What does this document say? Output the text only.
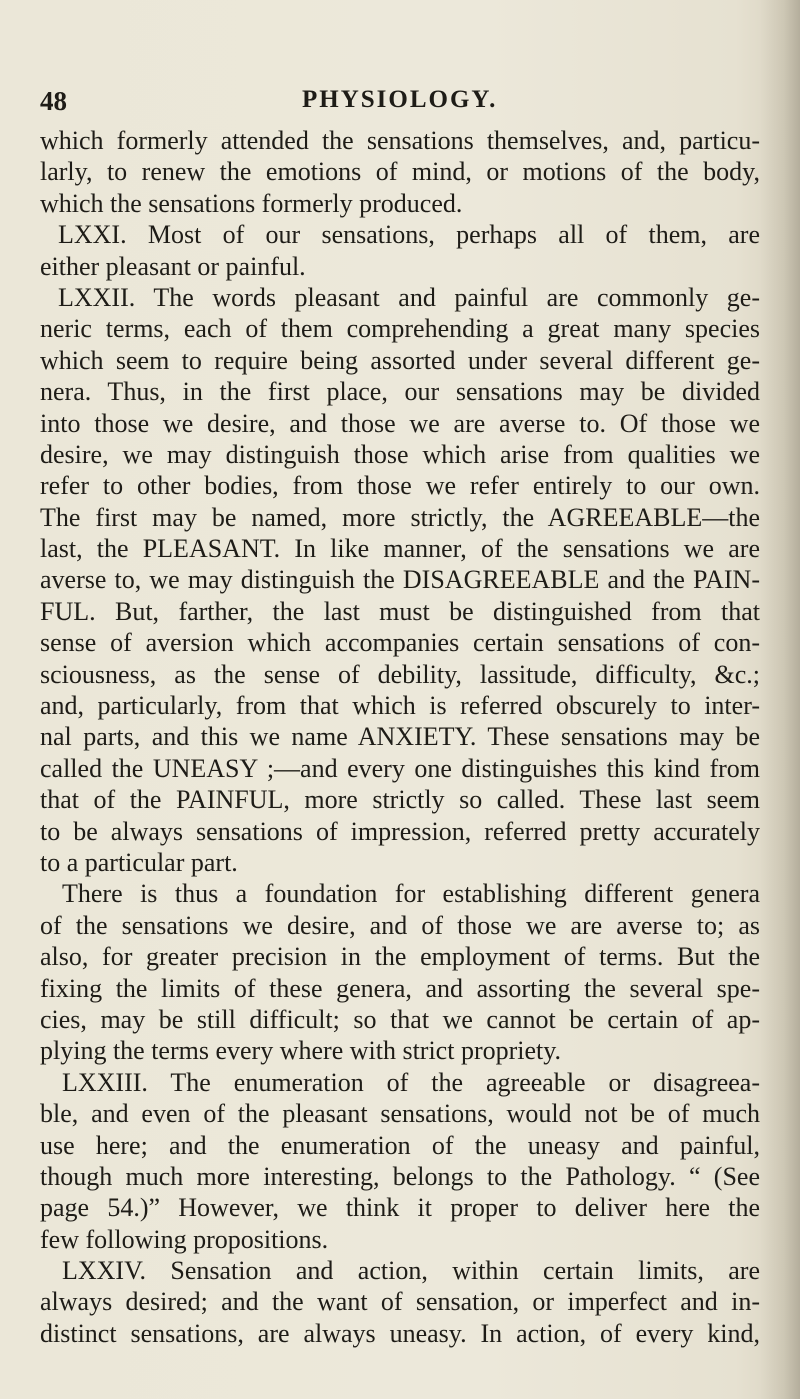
48	PHYSIOLOGY.
which formerly attended the sensations themselves, and, particu-
larly, to renew the emotions of mind, or motions of the body,
which the sensations formerly produced.
LXXI. Most of our sensations, perhaps all of them, are
either pleasant or painful.
LXXII. The words pleasant and painful are commonly ge-
neric terms, each of them comprehending a great many species
which seem to require being assorted under several different ge-
nera. Thus, in the first place, our sensations may be divided
into those we desire, and those we are averse to. Of those we
desire, we may distinguish those which arise from qualities we
refer to other bodies, from those we refer entirely to our own.
The first may be named, more strictly, the AGREEABLE—the
last, the PLEASANT. In like manner, of the sensations we are
averse to, we may distinguish the DISAGREEABLE and the PAIN-
FUL. But, farther, the last must be distinguished from that
sense of aversion which accompanies certain sensations of con-
sciousness, as the sense of debility, lassitude, difficulty, &c.;
and, particularly, from that which is referred obscurely to inter-
nal parts, and this we name ANXIETY. These sensations may be
called the UNEASY ;—and every one distinguishes this kind from
that of the PAINFUL, more strictly so called. These last seem
to be always sensations of impression, referred pretty accurately
to a particular part.
There is thus a foundation for establishing different genera
of the sensations we desire, and of those we are averse to; as
also, for greater precision in the employment of terms. But the
fixing the limits of these genera, and assorting the several spe-
cies, may be still difficult; so that we cannot be certain of ap-
plying the terms every where with strict propriety.
LXXIII. The enumeration of the agreeable or disagreea-
ble, and even of the pleasant sensations, would not be of much
use here; and the enumeration of the uneasy and painful,
though much more interesting, belongs to the Pathology. “ (See
page 54.)” However, we think it proper to deliver here the
few following propositions.
LXXIV. Sensation and action, within certain limits, are
always desired; and the want of sensation, or imperfect and in-
distinct sensations, are always uneasy. In action, of every kind,
